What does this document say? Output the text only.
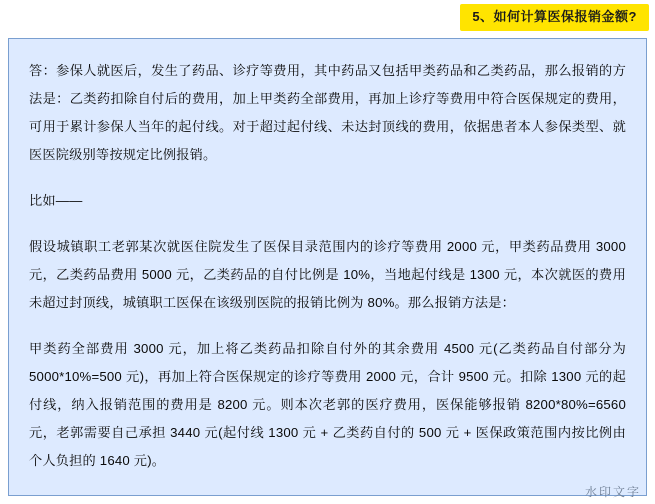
5、如何计算医保报销金额?

答：参保人就医后，发生了药品、诊疗等费用，其中药品又包括甲类药品和乙类药品，那么报销的方法是：乙类药扣除自付后的费用，加上甲类药全部费用，再加上诊疗等费用中符合医保规定的费用，可用于累计参保人当年的起付线。对于超过起付线、未达封顶线的费用，依据患者本人参保类型、就医医院级别等按规定比例报销。

比如——

假设城镇职工老郭某次就医住院发生了医保目录范围内的诊疗等费用 2000 元，甲类药品费用 3000 元，乙类药品费用 5000 元，乙类药品的自付比例是 10%，当地起付线是 1300 元，本次就医的费用未超过封顶线，城镇职工医保在该级别医院的报销比例为 80%。那么报销方法是：

甲类药全部费用 3000 元，加上将乙类药品扣除自付外的其余费用 4500 元(乙类药品自付部分为 5000*10%=500 元)，再加上符合医保规定的诊疗等费用 2000 元，合计 9500 元。扣除 1300 元的起付线，纳入报销范围的费用是 8200 元。则本次老郭的医疗费用，医保能够报销 8200*80%=6560 元，老郭需要自己承担 3440 元(起付线 1300 元 + 乙类药自付的 500 元 + 医保政策范围内按比例由个人负担的 1640 元)。

水印文字
